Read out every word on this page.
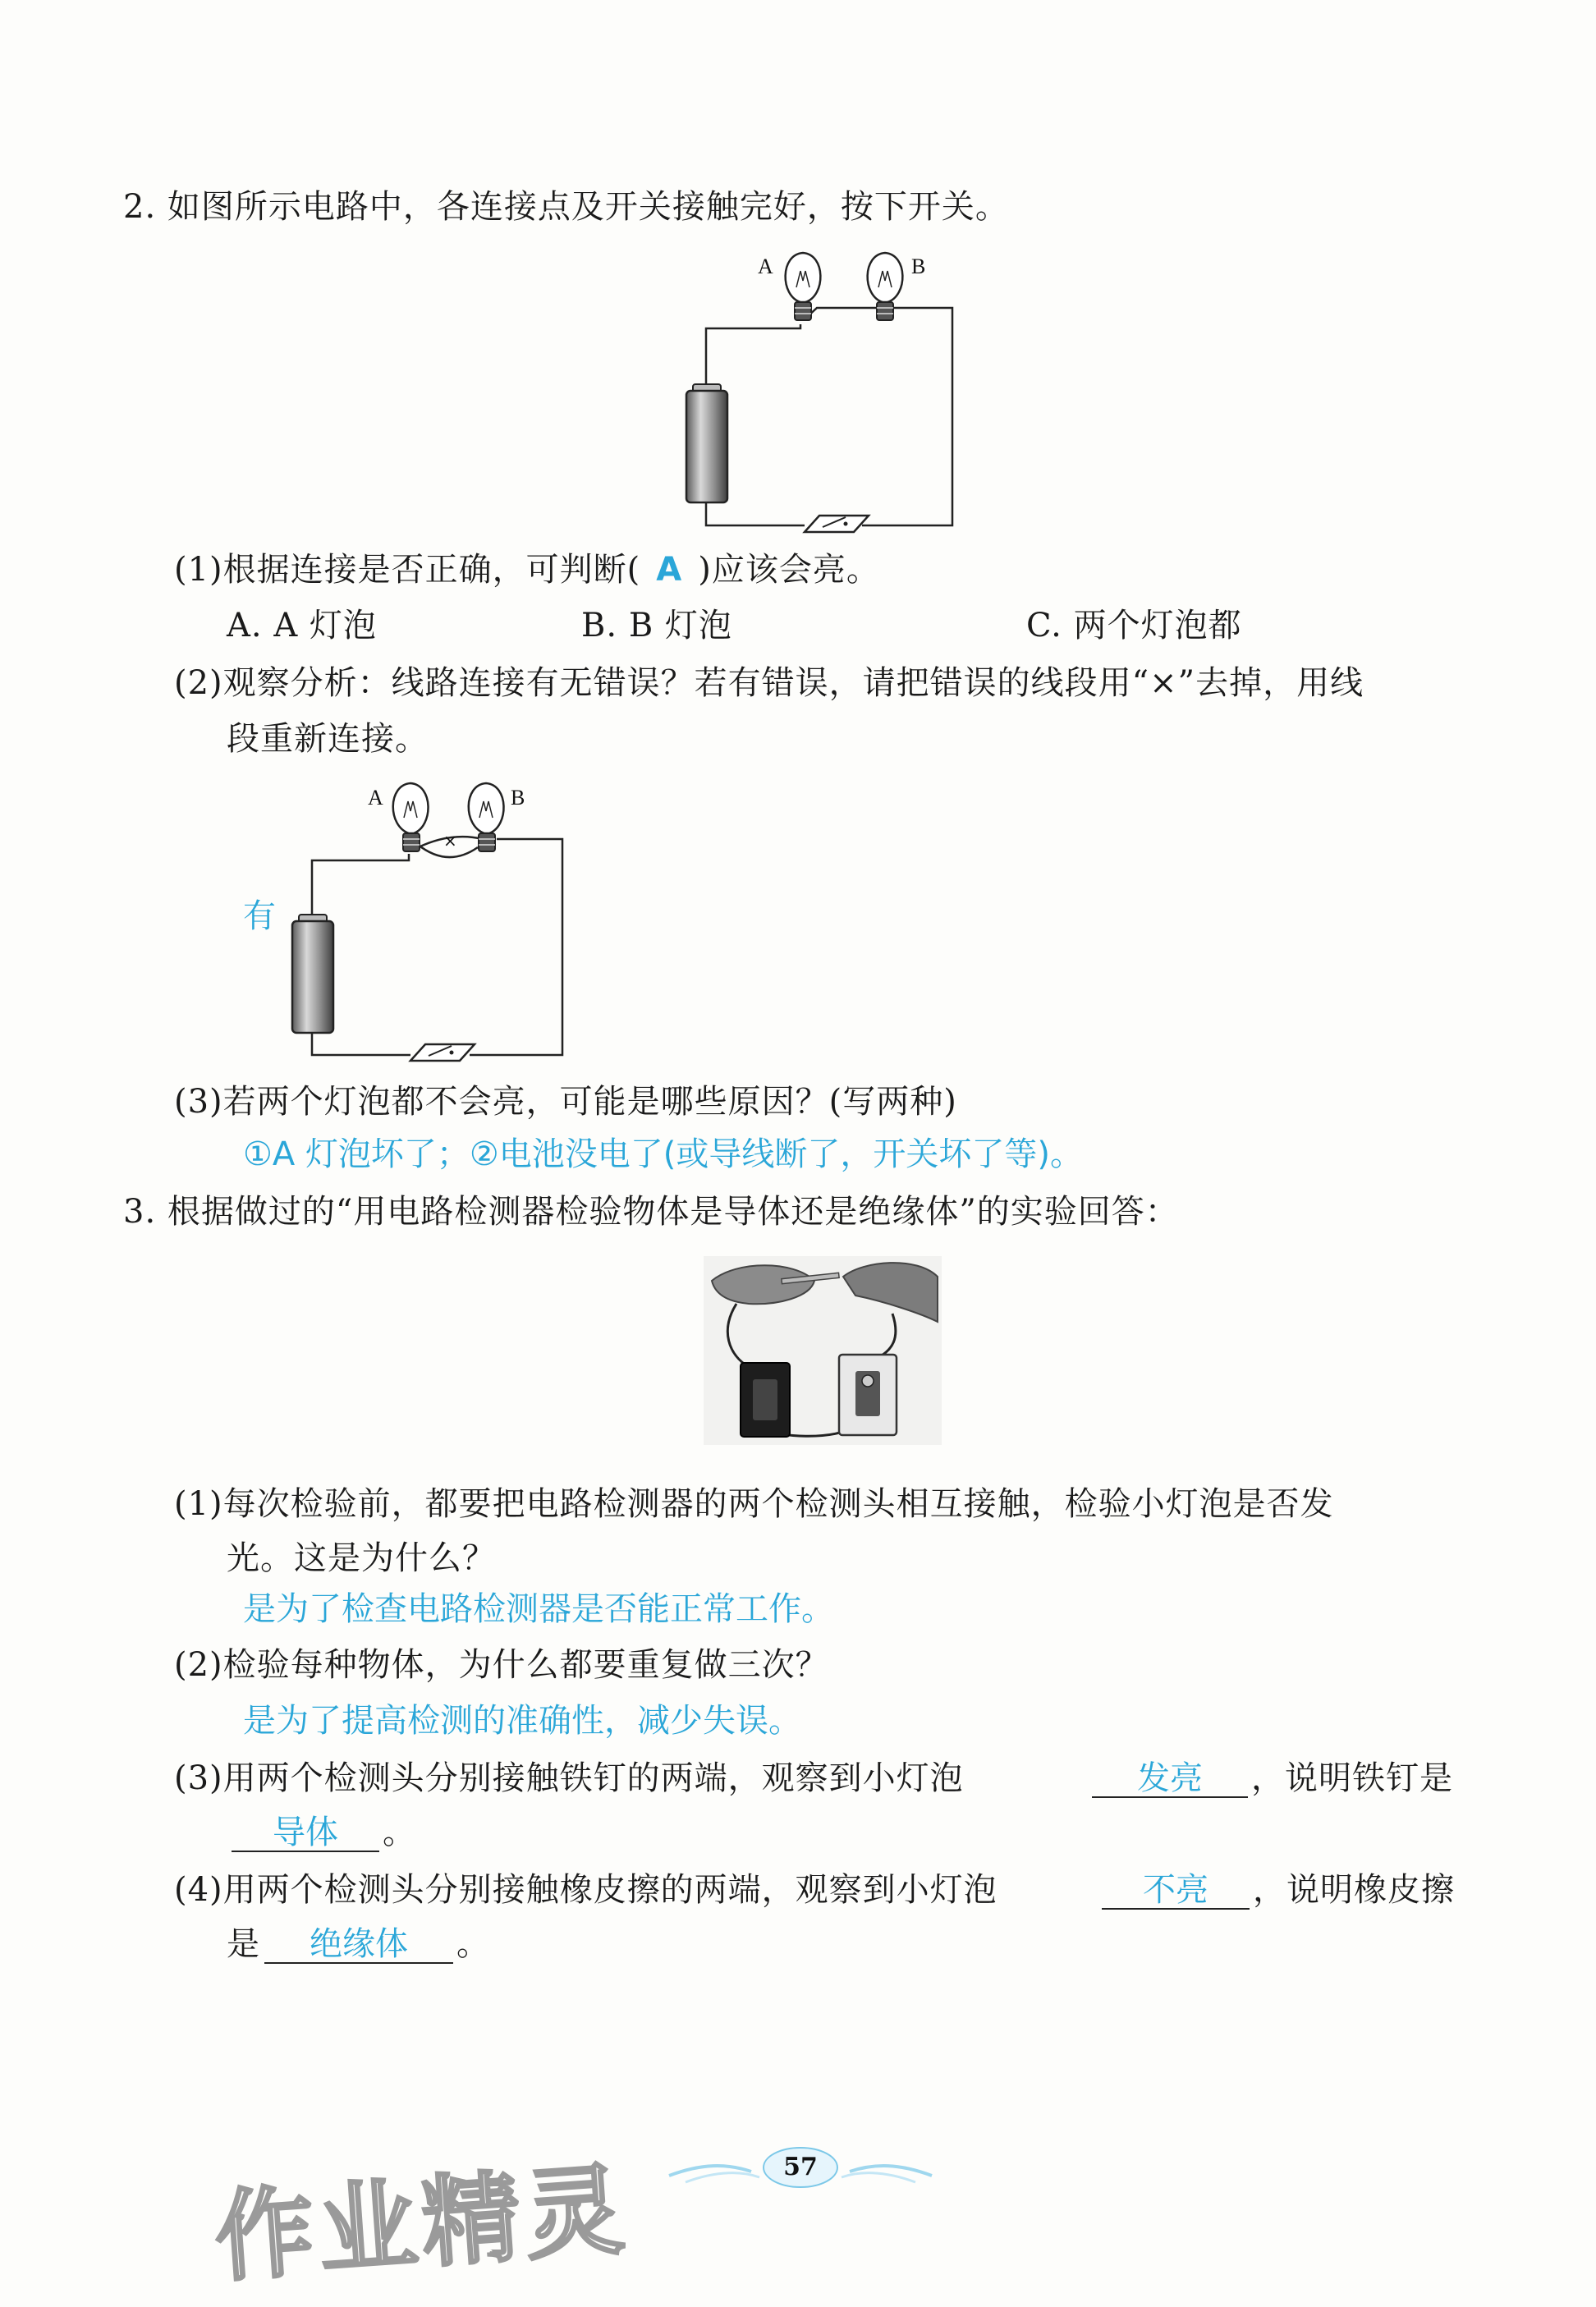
2. 如图所示电路中，各连接点及开关接触完好，按下开关。
A	B
(1)根据连接是否正确，可判断( A )应该会亮。
A. A 灯泡	B. B 灯泡	C. 两个灯泡都
(2)观察分析：线路连接有无错误？若有错误，请把错误的线段用“×”去掉，用线
段重新连接。
×
A	B
有
(3)若两个灯泡都不会亮，可能是哪些原因？(写两种)
①A 灯泡坏了；②电池没电了(或导线断了，开关坏了等)。
3. 根据做过的“用电路检测器检验物体是导体还是绝缘体”的实验回答：
(1)每次检验前，都要把电路检测器的两个检测头相互接触，检验小灯泡是否发
光。这是为什么？
是为了检查电路检测器是否能正常工作。
(2)检验每种物体，为什么都要重复做三次？
是为了提高检测的准确性，减少失误。
(3)用两个检测头分别接触铁钉的两端，观察到小灯泡	发亮	，说明铁钉是
导体	。
(4)用两个检测头分别接触橡皮擦的两端，观察到小灯泡	不亮	，说明橡皮擦
是	绝缘体	。
57
作业精灵
